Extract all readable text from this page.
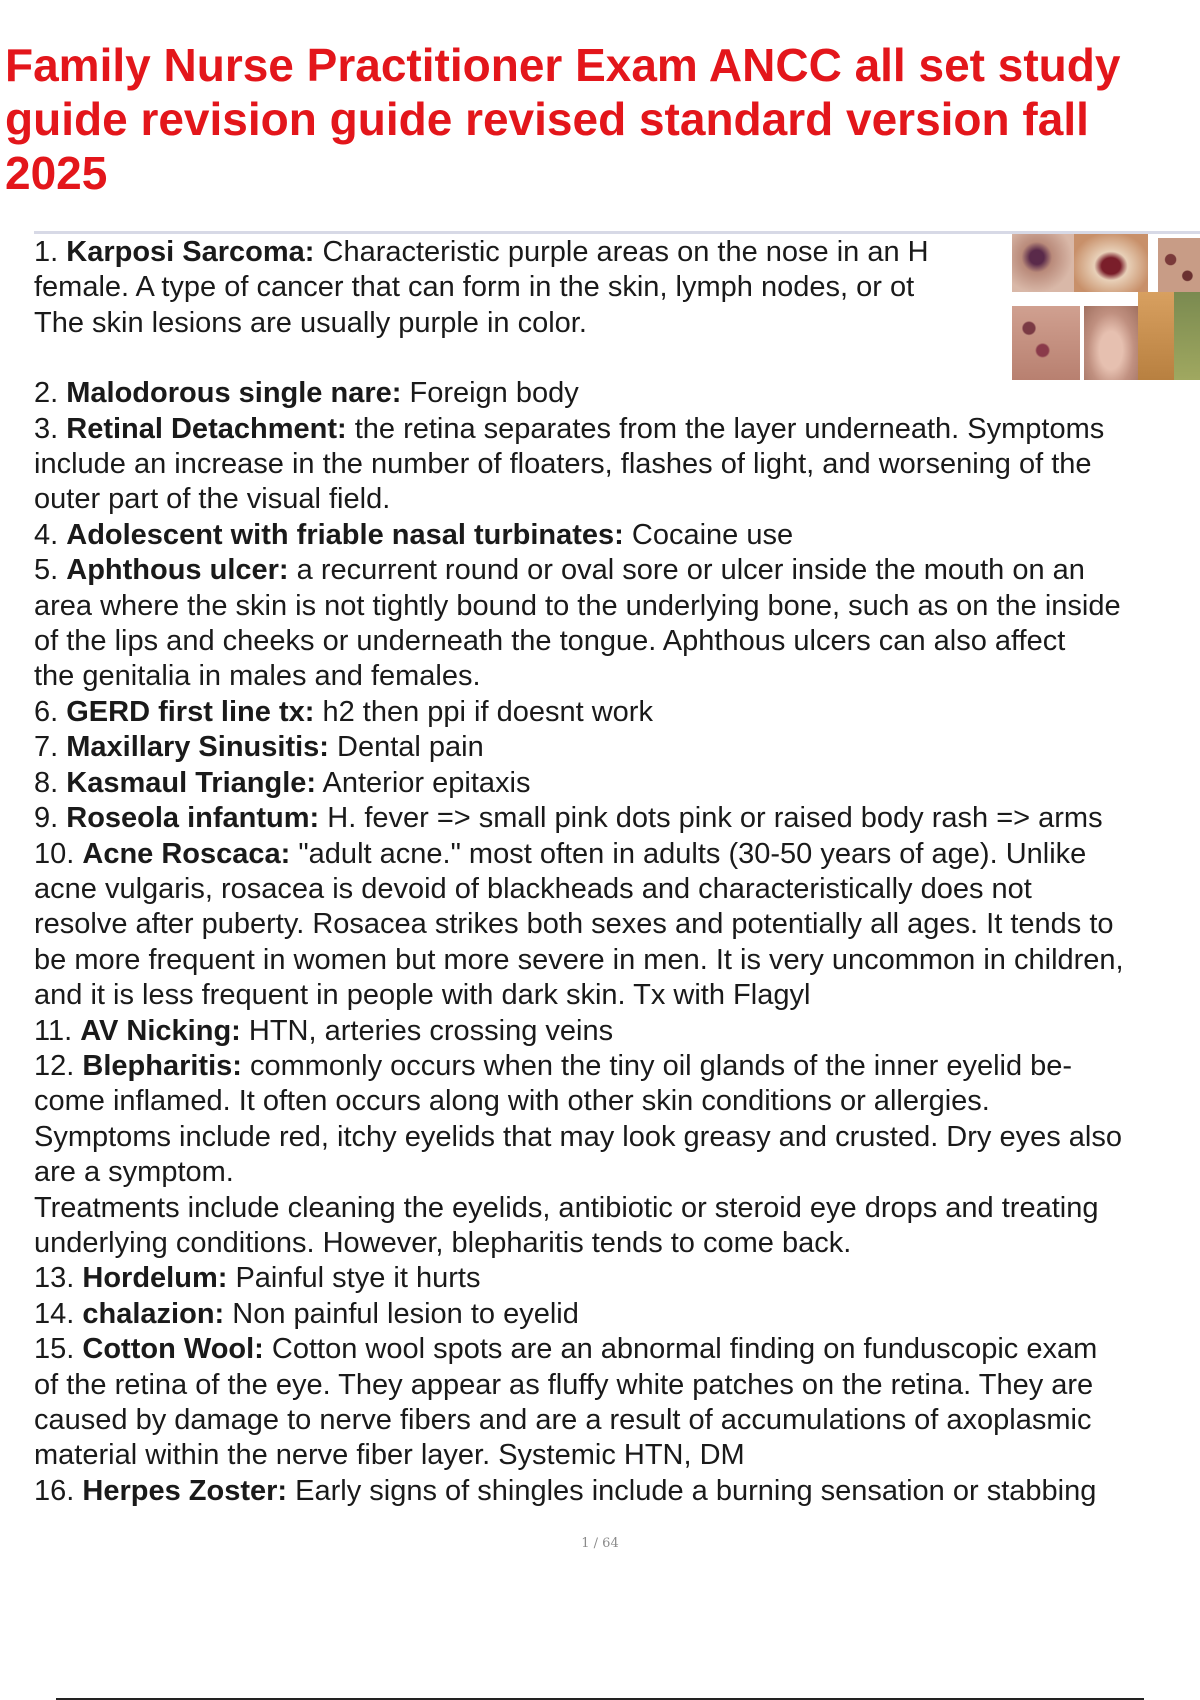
Family Nurse Practitioner Exam ANCC all set study guide revision guide revised standard version fall 2025
1. Karposi Sarcoma: Characteristic purple areas on the nose in an H
female. A type of cancer that can form in the skin, lymph nodes, or ot
The skin lesions are usually purple in color.
2. Malodorous single nare: Foreign body
3. Retinal Detachment: the retina separates from the layer underneath. Symptoms
include an increase in the number of floaters, flashes of light, and worsening of the
outer part of the visual field.
4. Adolescent with friable nasal turbinates: Cocaine use
5. Aphthous ulcer: a recurrent round or oval sore or ulcer inside the mouth on an
area where the skin is not tightly bound to the underlying bone, such as on the inside
of the lips and cheeks or underneath the tongue. Aphthous ulcers can also affect
the genitalia in males and females.
6. GERD first line tx: h2 then ppi if doesnt work
7. Maxillary Sinusitis: Dental pain
8. Kasmaul Triangle: Anterior epitaxis
9. Roseola infantum: H. fever => small pink dots pink or raised body rash => arms
10. Acne Roscaca: "adult acne." most often in adults (30-50 years of age). Unlike
acne vulgaris, rosacea is devoid of blackheads and characteristically does not
resolve after puberty. Rosacea strikes both sexes and potentially all ages. It tends to
be more frequent in women but more severe in men. It is very uncommon in children,
and it is less frequent in people with dark skin. Tx with Flagyl
11. AV Nicking: HTN, arteries crossing veins
12. Blepharitis: commonly occurs when the tiny oil glands of the inner eyelid be-
come inflamed. It often occurs along with other skin conditions or allergies.
Symptoms include red, itchy eyelids that may look greasy and crusted. Dry eyes also
are a symptom.
Treatments include cleaning the eyelids, antibiotic or steroid eye drops and treating
underlying conditions. However, blepharitis tends to come back.
13. Hordelum: Painful stye it hurts
14. chalazion: Non painful lesion to eyelid
15. Cotton Wool: Cotton wool spots are an abnormal finding on funduscopic exam
of the retina of the eye. They appear as fluffy white patches on the retina. They are
caused by damage to nerve fibers and are a result of accumulations of axoplasmic
material within the nerve fiber layer. Systemic HTN, DM
16. Herpes Zoster: Early signs of shingles include a burning sensation or stabbing
1 / 64
